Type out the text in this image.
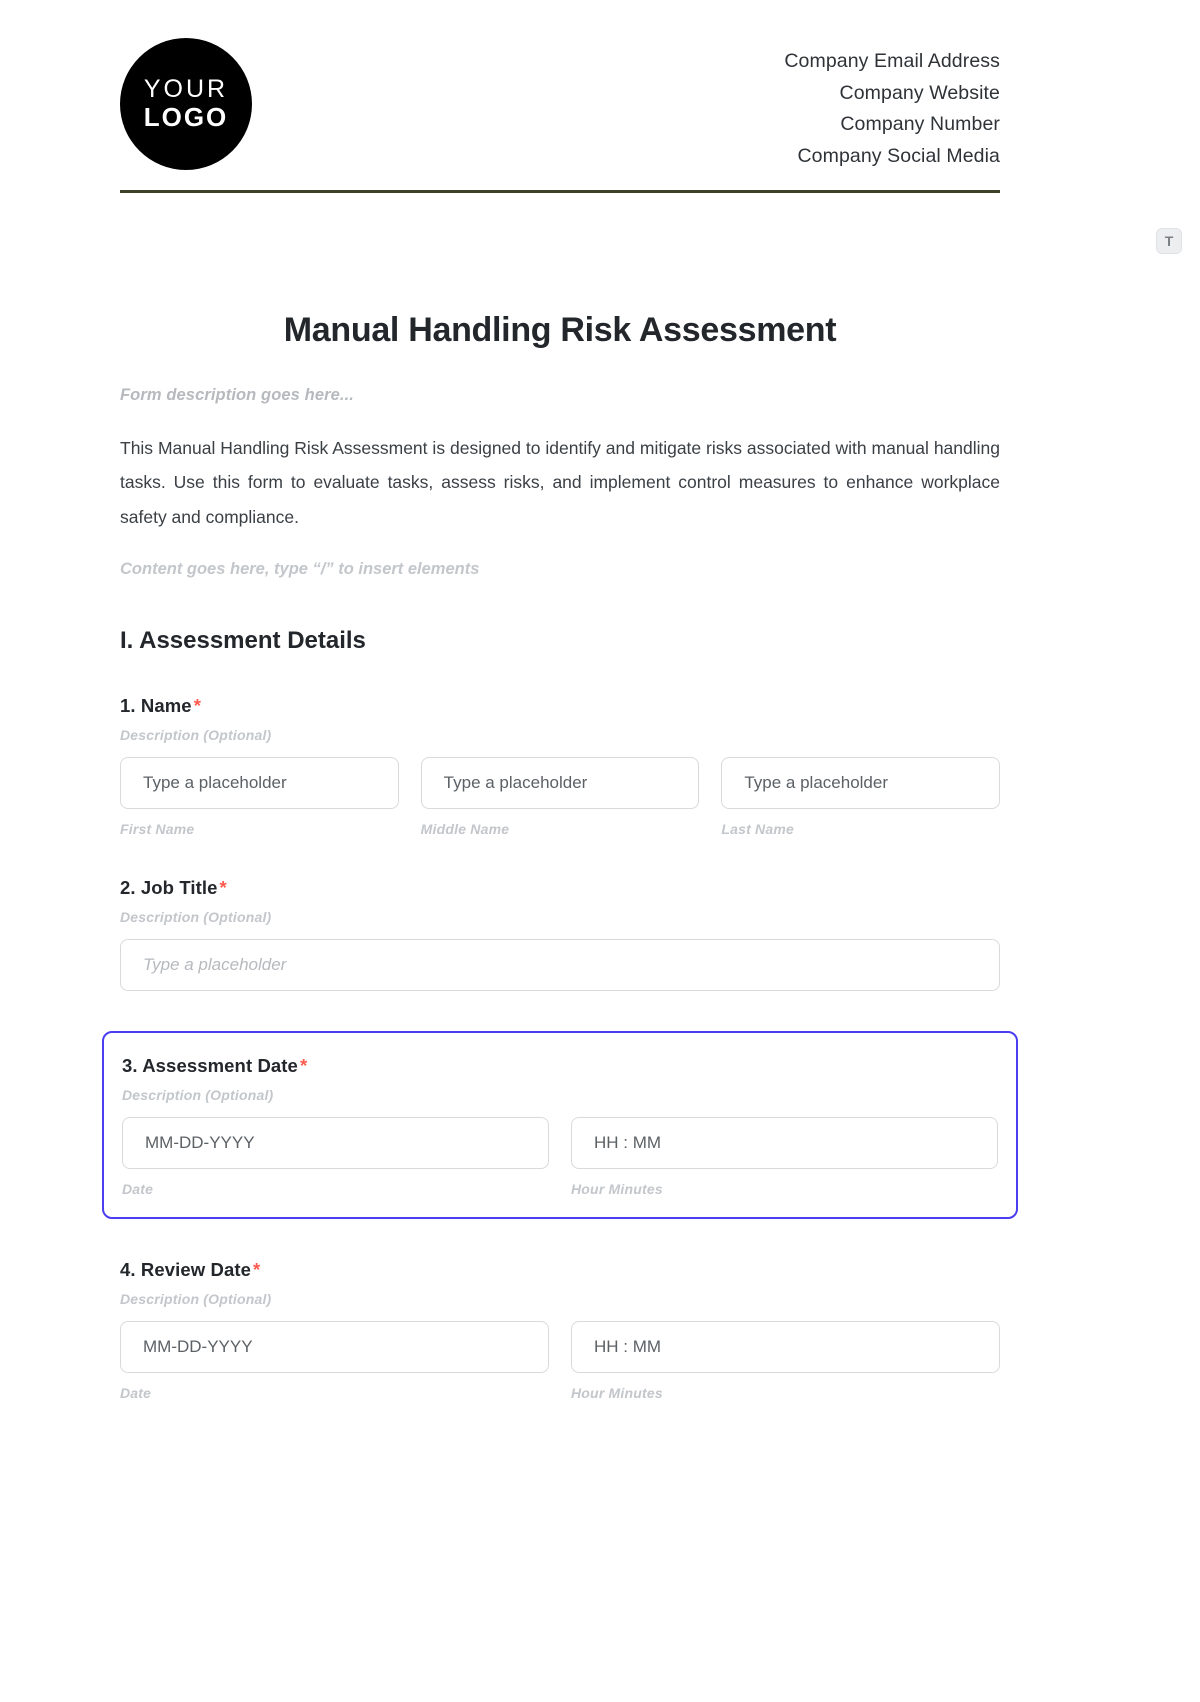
YOUR
LOGO
Company Email Address
Company Website
Company Number
Company Social Media
T
Manual Handling Risk Assessment
Form description goes here...
This Manual Handling Risk Assessment is designed to identify and mitigate risks associated with manual handling tasks. Use this form to evaluate tasks, assess risks, and implement control measures to enhance workplace safety and compliance.
Content goes here, type “/” to insert elements
I. Assessment Details
1. Name *
Description (Optional)
Type a placeholder
First Name
Type a placeholder
Middle Name
Type a placeholder
Last Name
2. Job Title *
Description (Optional)
Type a placeholder
3. Assessment Date *
Description (Optional)
MM-DD-YYYY
Date
HH : MM
Hour Minutes
4. Review Date *
Description (Optional)
MM-DD-YYYY
Date
HH : MM
Hour Minutes
